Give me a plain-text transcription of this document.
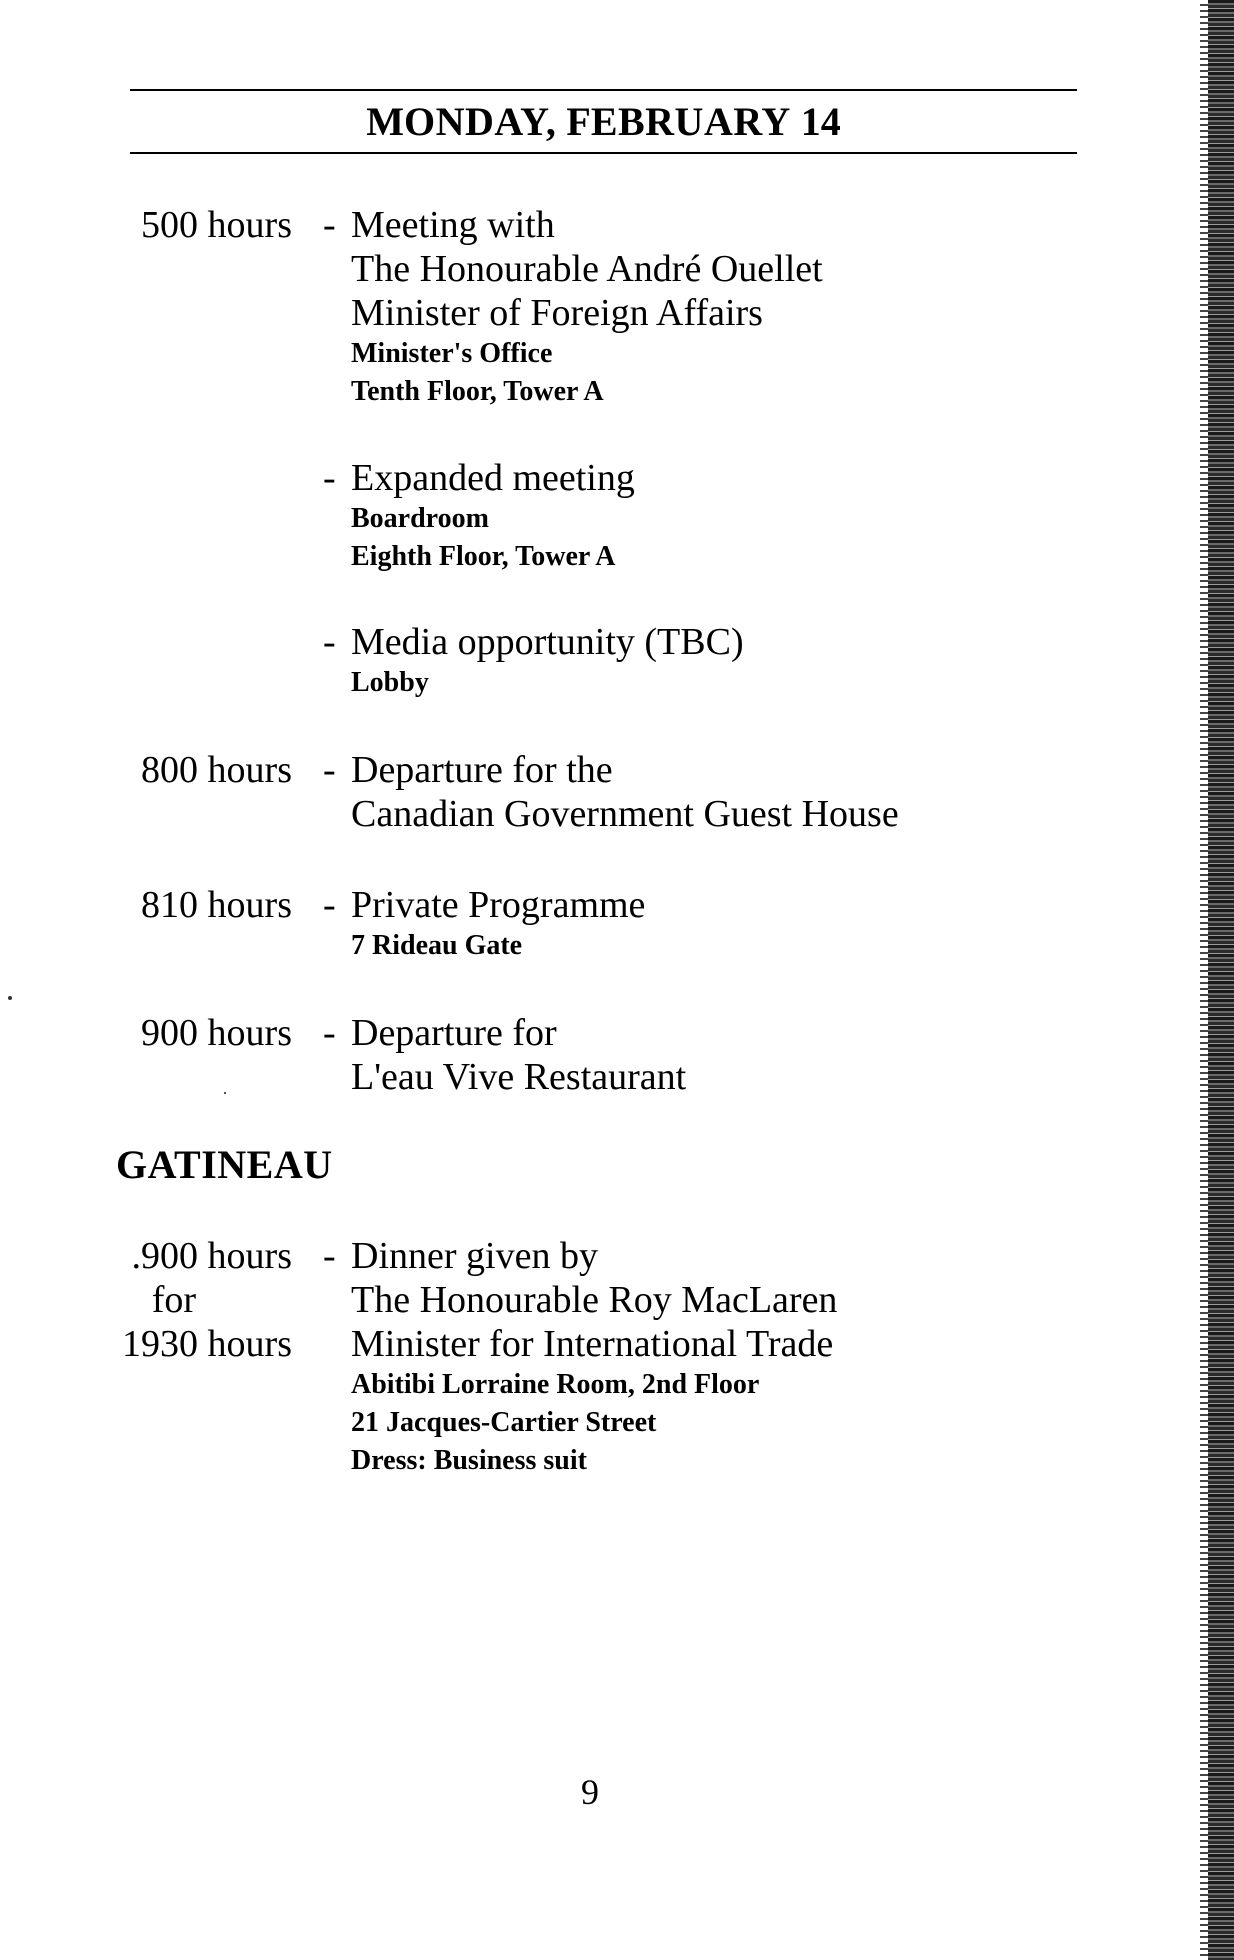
MONDAY, FEBRUARY 14
500 hours - Meeting with
The Honourable André Ouellet
Minister of Foreign Affairs
Minister's Office
Tenth Floor, Tower A
- Expanded meeting
Boardroom
Eighth Floor, Tower A
- Media opportunity (TBC)
Lobby
800 hours - Departure for the
Canadian Government Guest House
810 hours - Private Programme
7 Rideau Gate
900 hours - Departure for
L'eau Vive Restaurant
GATINEAU
.900 hours
for
1930 hours
- Dinner given by
The Honourable Roy MacLaren
Minister for International Trade
Abitibi Lorraine Room, 2nd Floor
21 Jacques-Cartier Street
Dress: Business suit
9
